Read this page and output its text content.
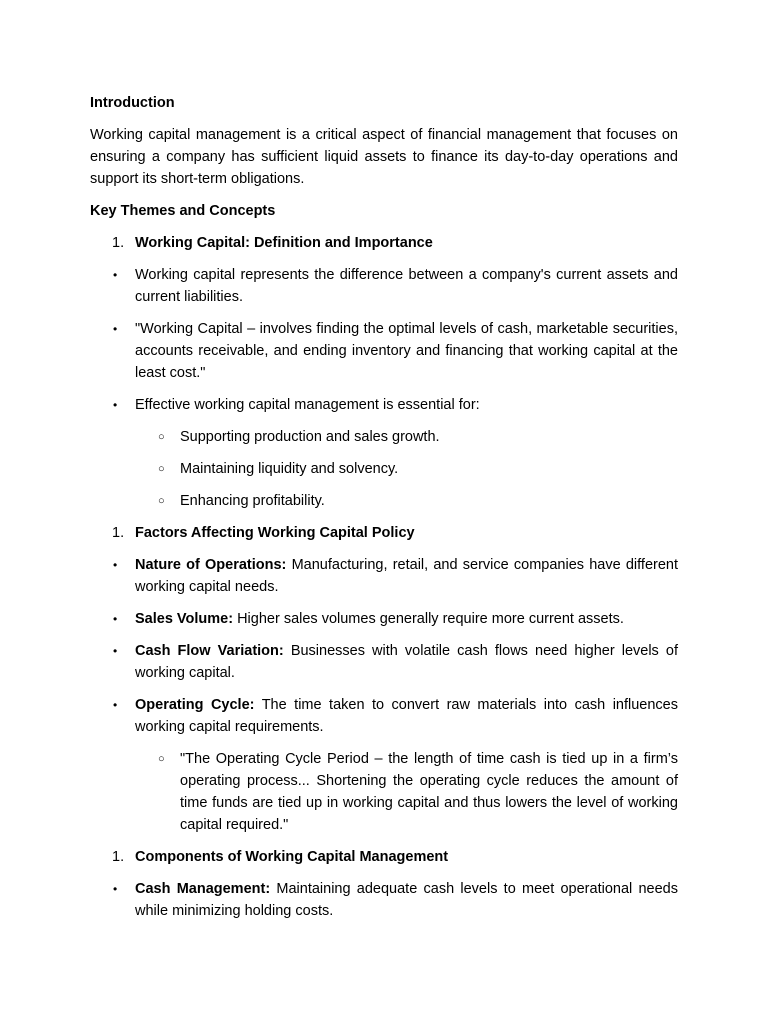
Introduction
Working capital management is a critical aspect of financial management that focuses on ensuring a company has sufficient liquid assets to finance its day-to-day operations and support its short-term obligations.
Key Themes and Concepts
1. Working Capital: Definition and Importance
• Working capital represents the difference between a company's current assets and current liabilities.
• "Working Capital – involves finding the optimal levels of cash, marketable securities, accounts receivable, and ending inventory and financing that working capital at the least cost."
• Effective working capital management is essential for:
○ Supporting production and sales growth.
○ Maintaining liquidity and solvency.
○ Enhancing profitability.
1. Factors Affecting Working Capital Policy
• Nature of Operations: Manufacturing, retail, and service companies have different working capital needs.
• Sales Volume: Higher sales volumes generally require more current assets.
• Cash Flow Variation: Businesses with volatile cash flows need higher levels of working capital.
• Operating Cycle: The time taken to convert raw materials into cash influences working capital requirements.
○ "The Operating Cycle Period – the length of time cash is tied up in a firm’s operating process... Shortening the operating cycle reduces the amount of time funds are tied up in working capital and thus lowers the level of working capital required."
1. Components of Working Capital Management
• Cash Management: Maintaining adequate cash levels to meet operational needs while minimizing holding costs.
